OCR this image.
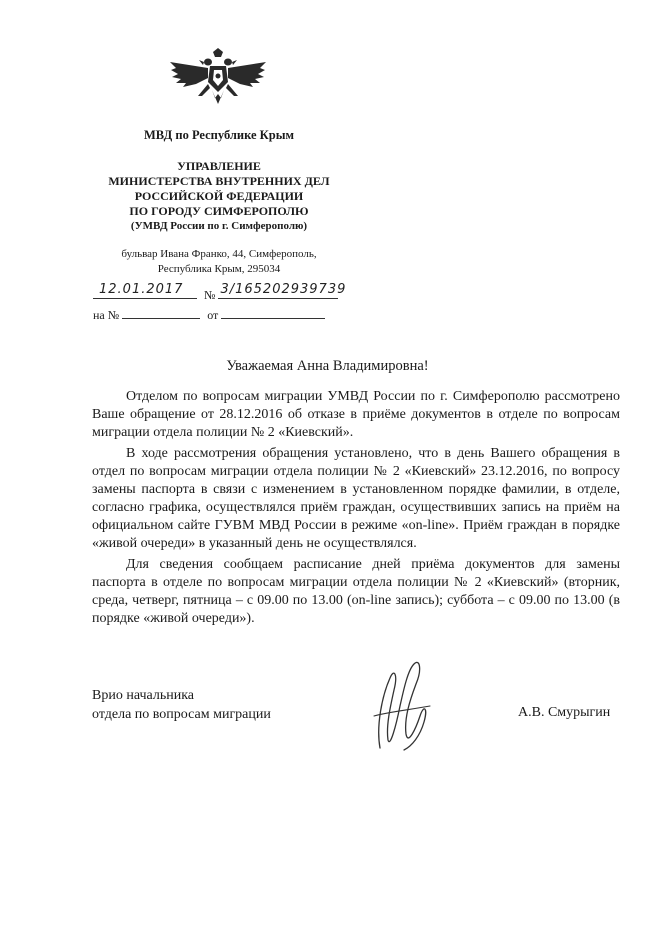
МВД по Республике Крым
УПРАВЛЕНИЕ
МИНИСТЕРСТВА ВНУТРЕННИХ ДЕЛ
РОССИЙСКОЙ ФЕДЕРАЦИИ
ПО ГОРОДУ СИМФЕРОПОЛЮ
(УМВД России по г. Симферополю)
бульвар Ивана Франко, 44, Симферополь,
Республика Крым, 295034
12.01.2017 № 3/165202939739
на №	от
Уважаемая Анна Владимировна!

Отделом по вопросам миграции УМВД России по г. Симферополю рассмотрено Ваше обращение от 28.12.2016 об отказе в приёме документов в отделе по вопросам миграции отдела полиции № 2 «Киевский».

В ходе рассмотрения обращения установлено, что в день Вашего обращения в отдел по вопросам миграции отдела полиции № 2 «Киевский» 23.12.2016, по вопросу замены паспорта в связи с изменением в установленном порядке фамилии, в отделе, согласно графика, осуществлялся приём граждан, осуществивших запись на приём на официальном сайте ГУВМ МВД России в режиме «on-line». Приём граждан в порядке «живой очереди» в указанный день не осуществлялся.

Для сведения сообщаем расписание дней приёма документов для замены паспорта в отделе по вопросам миграции отдела полиции № 2 «Киевский» (вторник, среда, четверг, пятница – с 09.00 по 13.00 (on-line запись); суббота – с 09.00 по 13.00 (в порядке «живой очереди»).

Врио начальника
отдела по вопросам миграции	А.В. Смурыгин
